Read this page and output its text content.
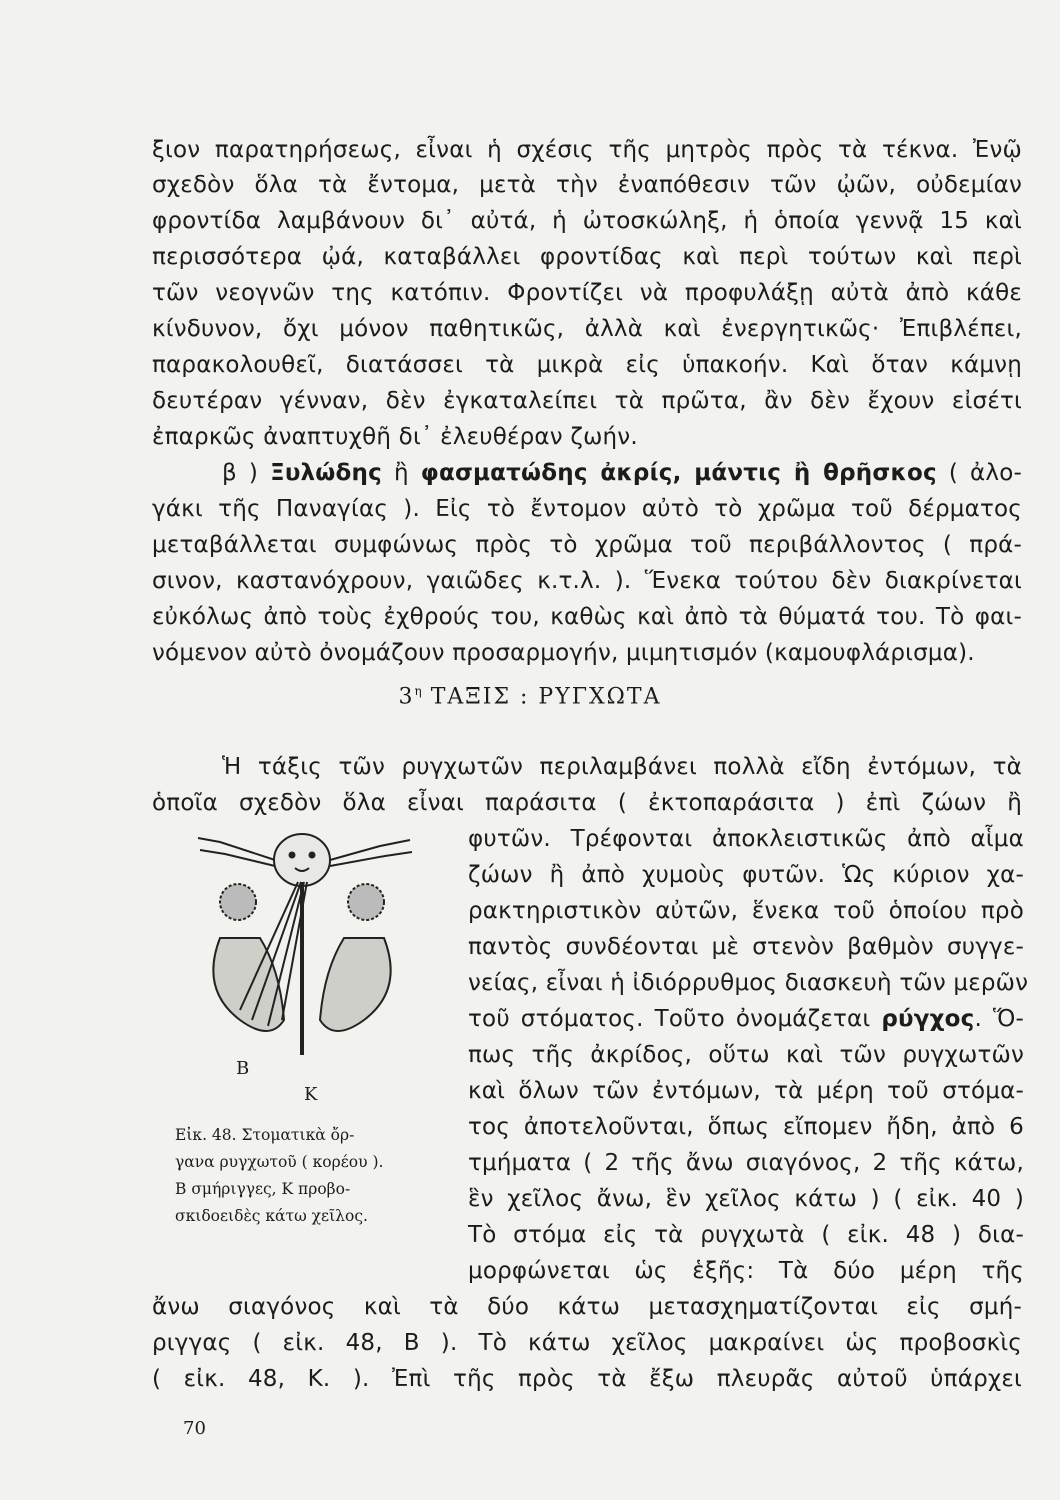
ξιον παρατηρήσεως, εἶναι ἡ σχέσις τῆς μητρὸς πρὸς τὰ τέκνα. Ἐνῷ
σχεδὸν ὅλα τὰ ἔντομα, μετὰ τὴν ἐναπόθεσιν τῶν ᾠῶν, οὐδεμίαν
φροντίδα λαμβάνουν δι᾽ αὐτά, ἡ ὠτοσκώληξ, ἡ ὁποία γεννᾷ 15 καὶ
περισσότερα ᾠά, καταβάλλει φροντίδας καὶ περὶ τούτων καὶ περὶ
τῶν νεογνῶν της κατόπιν. Φροντίζει νὰ προφυλάξῃ αὐτὰ ἀπὸ κάθε
κίνδυνον, ὄχι μόνον παθητικῶς, ἀλλὰ καὶ ἐνεργητικῶς· Ἐπιβλέπει,
παρακολουθεῖ, διατάσσει τὰ μικρὰ εἰς ὑπακοήν. Καὶ ὅταν κάμνῃ
δευτέραν γένναν, δὲν ἐγκαταλείπει τὰ πρῶτα, ἂν δὲν ἔχουν εἰσέτι
ἐπαρκῶς ἀναπτυχθῆ δι᾽ ἐλευθέραν ζωήν.
β ) Ξυλώδης ἢ φασματώδης ἀκρίς, μάντις ἢ θρῆσκος ( ἀλο-
γάκι τῆς Παναγίας ). Εἰς τὸ ἔντομον αὐτὸ τὸ χρῶμα τοῦ δέρματος
μεταβάλλεται συμφώνως πρὸς τὸ χρῶμα τοῦ περιβάλλοντος ( πρά-
σινον, καστανόχρουν, γαιῶδες κ.τ.λ. ). Ἕνεκα τούτου δὲν διακρίνεται
εὐκόλως ἀπὸ τοὺς ἐχθρούς του, καθὼς καὶ ἀπὸ τὰ θύματά του. Τὸ φαι-
νόμενον αὐτὸ ὀνομάζουν προσαρμογήν, μιμητισμόν (καμουφλάρισμα).
$3^\eta$ ΤΑΞΙΣ : ΡΥΓΧΩΤΑ
Ἡ τάξις τῶν ρυγχωτῶν περιλαμβάνει πολλὰ εἴδη ἐντόμων, τὰ
ὁποῖα σχεδὸν ὅλα εἶναι παράσιτα ( ἐκτοπαράσιτα ) ἐπὶ ζώων ἢ
φυτῶν. Τρέφονται ἀποκλειστικῶς ἀπὸ αἷμα
ζώων ἢ ἀπὸ χυμοὺς φυτῶν. Ὡς κύριον χα-
ρακτηριστικὸν αὐτῶν, ἕνεκα τοῦ ὁποίου πρὸ
παντὸς συνδέονται μὲ στενὸν βαθμὸν συγγε-
νείας, εἶναι ἡ ἰδιόρρυθμος διασκευὴ τῶν μερῶν
τοῦ στόματος. Τοῦτο ὀνομάζεται ρύγχος. Ὅ-
πως τῆς ἀκρίδος, οὕτω καὶ τῶν ρυγχωτῶν
καὶ ὅλων τῶν ἐντόμων, τὰ μέρη τοῦ στόμα-
τος ἀποτελοῦνται, ὅπως εἴπομεν ἤδη, ἀπὸ 6
τμήματα ( 2 τῆς ἄνω σιαγόνος, 2 τῆς κάτω,
ἓν χεῖλος ἄνω, ἓν χεῖλος κάτω ) ( εἰκ. 40 )
Τὸ στόμα εἰς τὰ ρυγχωτὰ ( εἰκ. 48 ) δια-
μορφώνεται ὡς ἑξῆς: Τὰ δύο μέρη τῆς
ἄνω σιαγόνος καὶ τὰ δύο κάτω μετασχηματίζονται εἰς σμή-
ριγγας ( εἰκ. 48, Β ). Τὸ κάτω χεῖλος μακραίνει ὡς προβοσκὶς
( εἰκ. 48, Κ. ). Ἐπὶ τῆς πρὸς τὰ ἔξω πλευρᾶς αὐτοῦ ὑπάρχει
Β
Κ
Εἰκ. 48. Στοματικὰ ὄρ-
γανα ρυγχωτοῦ ( κορέου ).
Β σμήριγγες, Κ προβο-
σκιδοειδὲς κάτω χεῖλος.
70
